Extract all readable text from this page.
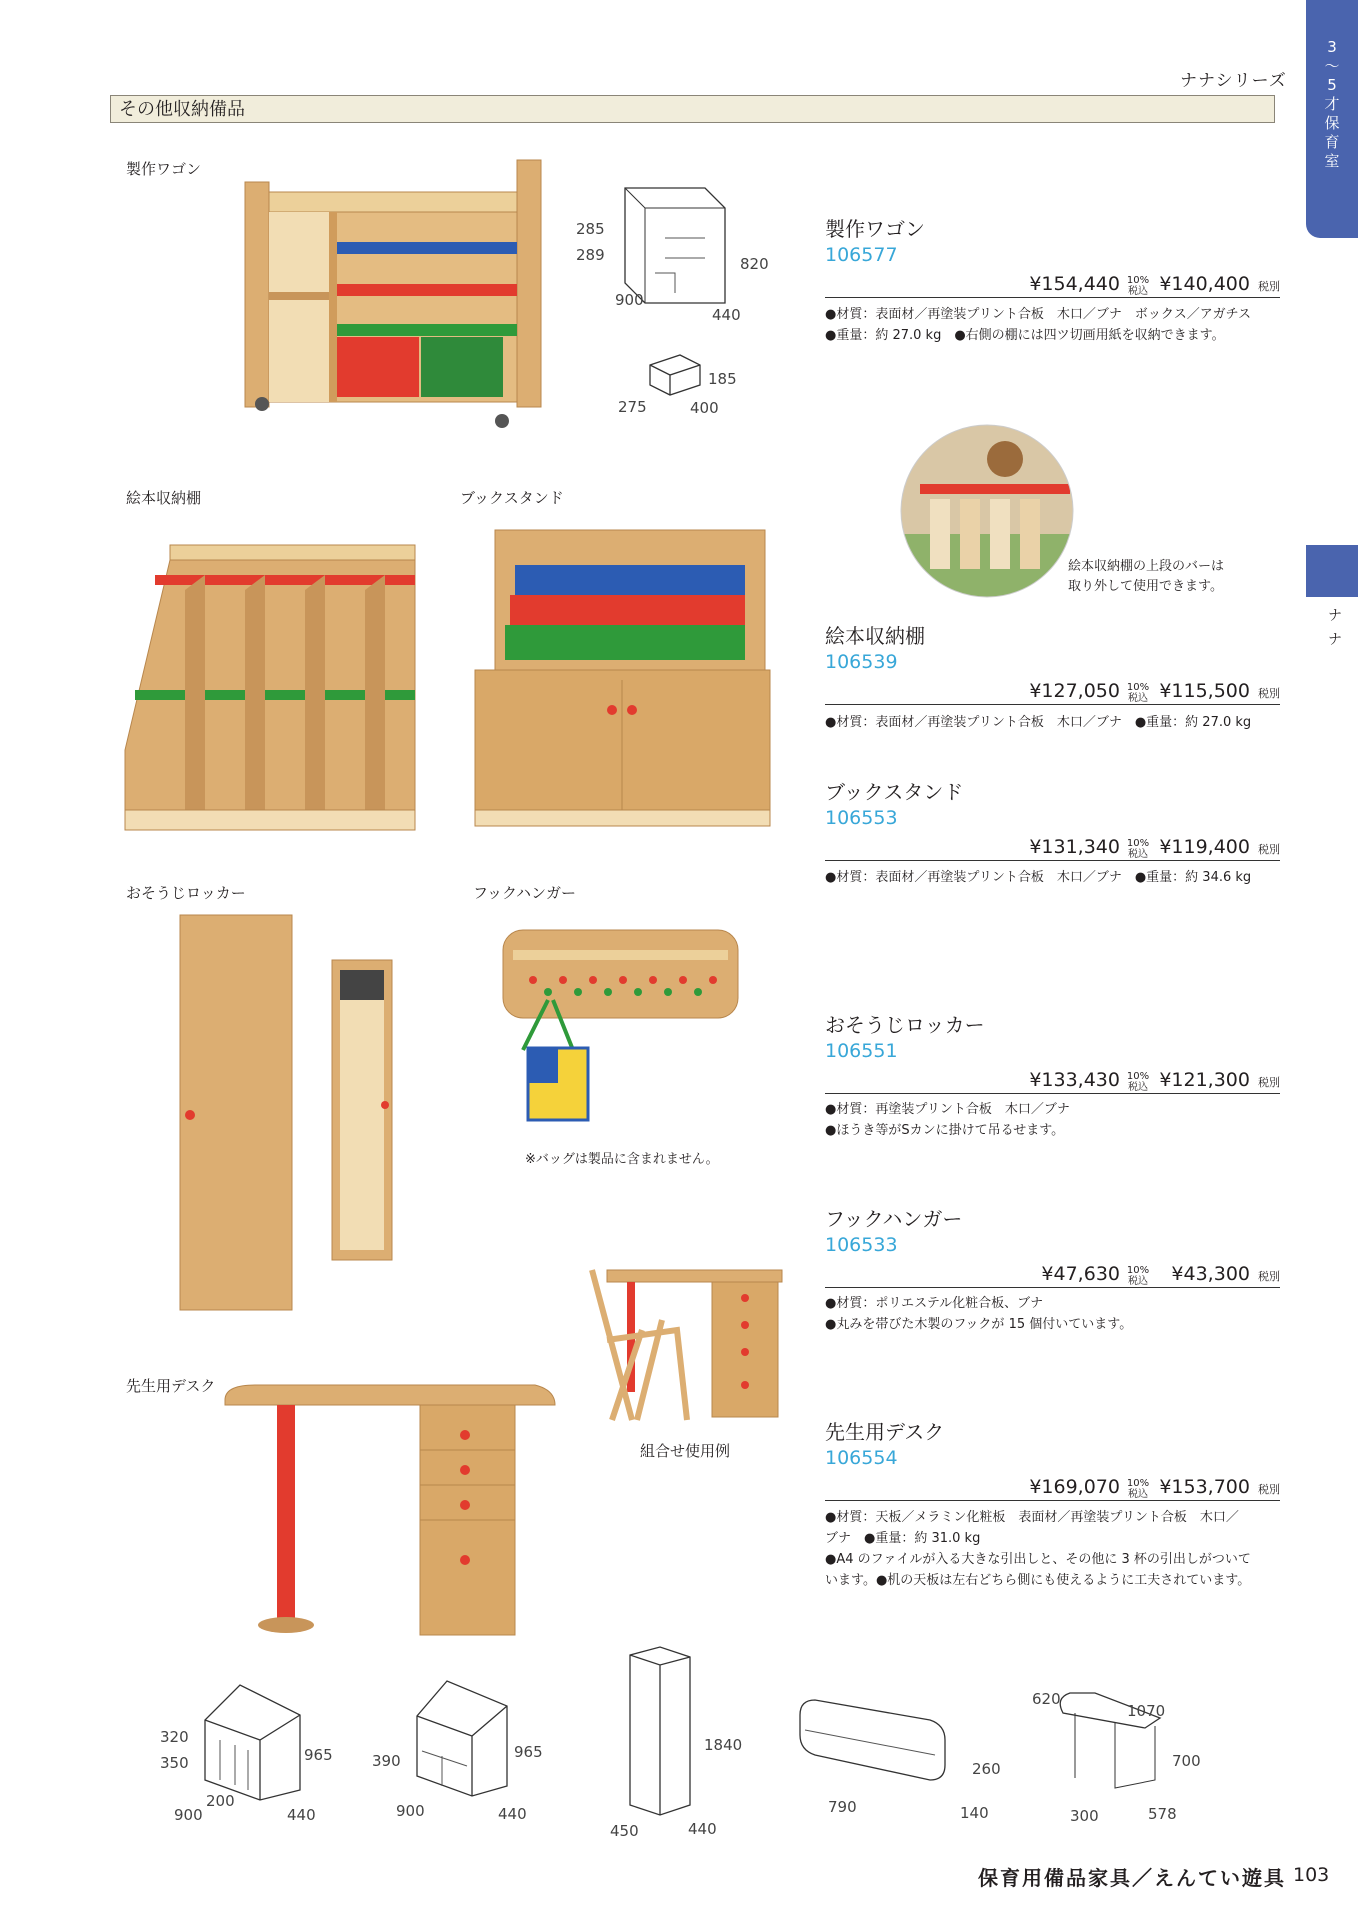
3
〜
5
才
保
育
室
ナ
ナ
ナナシリーズ
その他収納備品
製作ワゴン
絵本収納棚	ブックスタンド
おそうじロッカー	フックハンガー
先生用デスク
組合せ使用例
285
289	820
900
440
185
275	400
絵本収納棚の上段のバーは
取り外して使用できます。
※バッグは製品に含まれません。
製作ワゴン
106577
¥154,440 10%
税込 ¥140,400 税別
●材質：表面材／再塗装プリント合板　木口／ブナ　ボックス／アガチス
●重量：約 27.0 kg　●右側の棚には四ツ切画用紙を収納できます。
絵本収納棚
106539
¥127,050 10%
税込 ¥115,500 税別
●材質：表面材／再塗装プリント合板　木口／ブナ　●重量：約 27.0 kg
ブックスタンド
106553
¥131,340 10%
税込 ¥119,400 税別
●材質：表面材／再塗装プリント合板　木口／ブナ　●重量：約 34.6 kg
おそうじロッカー
106551
¥133,430 10%
税込 ¥121,300 税別
●材質：再塗装プリント合板　木口／ブナ
●ほうき等がSカンに掛けて吊るせます。
フックハンガー
106533
¥47,630 10%
税込 ¥43,300 税別
●材質：ポリエステル化粧合板、ブナ
●丸みを帯びた木製のフックが 15 個付いています。
先生用デスク
106554
¥169,070 10%
税込 ¥153,700 税別
●材質：天板／メラミン化粧板　表面材／再塗装プリント合板　木口／
ブナ　●重量：約 31.0 kg
●A4 のファイルが入る大きな引出しと、その他に 3 杯の引出しがついて
います。●机の天板は左右どちら側にも使えるように工夫されています。
320
350	965
200
900	440
390	965
900	440
1840
450	440
260
790	140
620
1070
700
300	578
保育用備品家具／えんてい遊具 103
